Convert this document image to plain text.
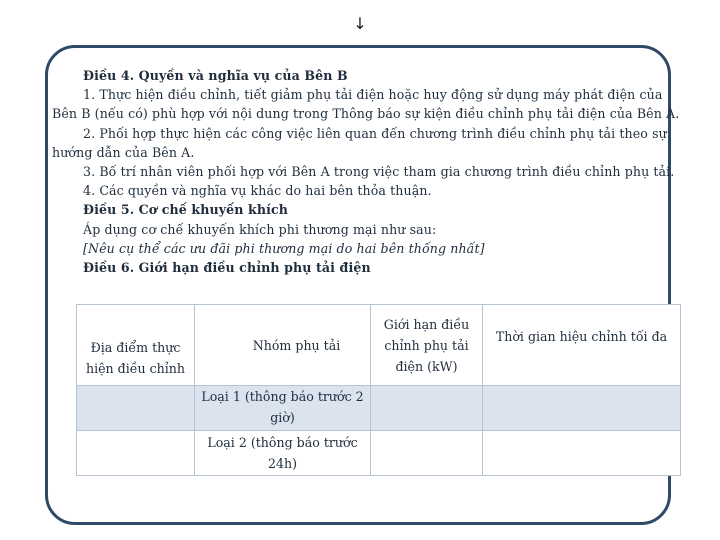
↓

Điều 4. Quyền và nghĩa vụ của Bên B

1. Thực hiện điều chỉnh, tiết giảm phụ tải điện hoặc huy động sử dụng máy phát điện của Bên B (nếu có) phù hợp với nội dung trong Thông báo sự kiện điều chỉnh phụ tải điện của Bên A.

2. Phối hợp thực hiện các công việc liên quan đến chương trình điều chỉnh phụ tải theo sự hướng dẫn của Bên A.

3. Bố trí nhân viên phối hợp với Bên A trong việc tham gia chương trình điều chỉnh phụ tải.

4. Các quyền và nghĩa vụ khác do hai bên thỏa thuận.

Điều 5. Cơ chế khuyến khích

Áp dụng cơ chế khuyến khích phi thương mại như sau:

[Nêu cụ thể các ưu đãi phi thương mại do hai bên thống nhất]

Điều 6. Giới hạn điều chỉnh phụ tải điện

Địa điểm thực hiện điều chỉnh	Nhóm phụ tải	Giới hạn điều chỉnh phụ tải điện (kW)	Thời gian hiệu chỉnh tối đa

	Loại 1 (thông báo trước 2 giờ)		
	Loại 2 (thông báo trước 24h)		
